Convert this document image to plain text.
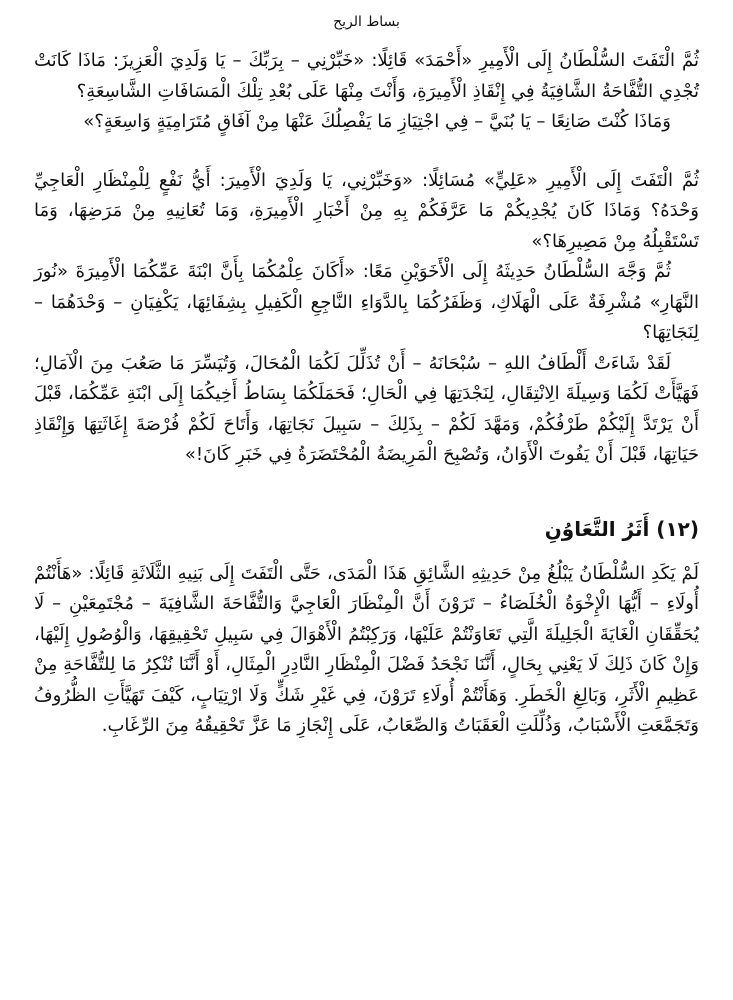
بساط الريح

ثُمَّ الْتَفَتَ السُّلْطَانُ إِلَى الْأَمِيرِ «أَحْمَدَ» قَائِلًا: «خَبِّرْنِي – بِرَبِّكَ – يَا وَلَدِيَ الْعَزِيزَ: مَاذَا كَانَتْ تُجْدِي التُّفَّاحَةُ الشَّافِيَةُ فِي إِنْقَاذِ الْأَمِيرَةِ، وَأَنْتَ مِنْهَا عَلَى بُعْدِ تِلْكَ الْمَسَافَاتِ الشَّاسِعَةِ؟

وَمَاذَا كُنْتَ صَانِعًا – يَا بُنَيَّ – فِي اجْتِيَازِ مَا يَفْصِلُكَ عَنْهَا مِنْ آفَاقٍ مُتَرَامِيَةٍ وَاسِعَةٍ؟»

ثُمَّ الْتَفَتَ إِلَى الْأَمِيرِ «عَلِيٍّ» مُسَائِلًا: «وَخَبِّرْنِي، يَا وَلَدِيَ الْأَمِيرَ: أَيُّ نَفْعٍ لِلْمِنْظَارِ الْعَاجِيِّ وَحْدَهُ؟ وَمَاذَا كَانَ يُجْدِيكُمْ مَا عَرَّفَكُمْ بِهِ مِنْ أَخْبَارِ الْأَمِيرَةِ، وَمَا تُعَانِيهِ مِنْ مَرَضِهَا، وَمَا تَسْتَقْبِلُهُ مِنْ مَصِيرِهَا؟»

ثُمَّ وَجَّهَ السُّلْطَانُ حَدِيثَهُ إِلَى الْأَخَوَيْنِ مَعًا: «أَكَانَ عِلْمُكُمَا بِأَنَّ ابْنَةَ عَمِّكُمَا الْأَمِيرَةَ «نُورَ النَّهَارِ» مُشْرِفَةٌ عَلَى الْهَلَاكِ، وَظَفَرُكُمَا بِالدَّوَاءِ النَّاجِعِ الْكَفِيلِ بِشِفَائِهَا، يَكْفِيَانِ – وَحْدَهُمَا – لِنَجَاتِهَا؟

لَقَدْ شَاءَتْ أَلْطَافُ اللهِ – سُبْحَانَهُ – أَنْ تُذَلِّلَ لَكُمَا الْمُحَالَ، وَتُيَسِّرَ مَا صَعُبَ مِنَ الْآمَالِ؛ فَهَيَّأَتْ لَكُمَا وَسِيلَةَ الِانْتِقَالِ، لِنَجْدَتِهَا فِي الْحَالِ؛ فَحَمَلَكُمَا بِسَاطُ أَخِيكُمَا إِلَى ابْنَةِ عَمِّكُمَا، قَبْلَ أَنْ يَرْتَدَّ إِلَيْكُمْ طَرْفُكُمْ، وَمَهَّدَ لَكُمْ – بِذَلِكَ – سَبِيلَ نَجَاتِهَا، وَأَتَاحَ لَكُمْ فُرْصَةَ إِغَاثَتِهَا وَإِنْقَاذِ حَيَاتِهَا، قَبْلَ أَنْ يَفُوتَ الْأَوَانُ، وَتُصْبِحَ الْمَرِيضَةُ الْمُحْتَضَرَةُ فِي خَبَرِ كَانَ!»

(١٢) أَثَرُ التَّعَاوُنِ

لَمْ يَكَدِ السُّلْطَانُ يَبْلُغُ مِنْ حَدِيثِهِ الشَّائِقِ هَذَا الْمَدَى، حَتَّى الْتَفَتَ إِلَى بَنِيهِ الثَّلَاثَةِ قَائِلًا: «هَأَنْتُمْ أُولَاءِ – أَيُّهَا الْإِخْوَةُ الْخُلَصَاءُ – تَرَوْنَ أَنَّ الْمِنْظَارَ الْعَاجِيَّ وَالتُّفَّاحَةَ الشَّافِيَةَ – مُجْتَمِعَيْنِ – لَا يُحَقِّقَانِ الْغَايَةَ الْجَلِيلَةَ الَّتِي تَعَاوَنْتُمْ عَلَيْهَا، وَرَكِبْتُمُ الْأَهْوَالَ فِي سَبِيلِ تَحْقِيقِهَا، وَالْوُصُولِ إِلَيْهَا، وَإِنْ كَانَ ذَلِكَ لَا يَعْنِي بِحَالٍ، أَنَّنَا نَجْحَدُ فَضْلَ الْمِنْظَارِ النَّادِرِ الْمِثَالِ، أَوْ أَنَّنَا نُنْكِرُ مَا لِلتُّفَّاحَةِ مِنْ عَظِيمِ الْأَثَرِ، وَبَالِغِ الْخَطَرِ. وَهَأَنْتُمْ أُولَاءِ تَرَوْنَ، فِي غَيْرِ شَكٍّ وَلَا ارْتِيَابٍ، كَيْفَ تَهَيَّأَتِ الظُّرُوفُ وَتَجَمَّعَتِ الْأَسْبَابُ، وَذُلِّلَتِ الْعَقَبَاتُ وَالصِّعَابُ، عَلَى إِنْجَازِ مَا عَزَّ تَحْقِيقُهُ مِنَ الرِّغَابِ.
